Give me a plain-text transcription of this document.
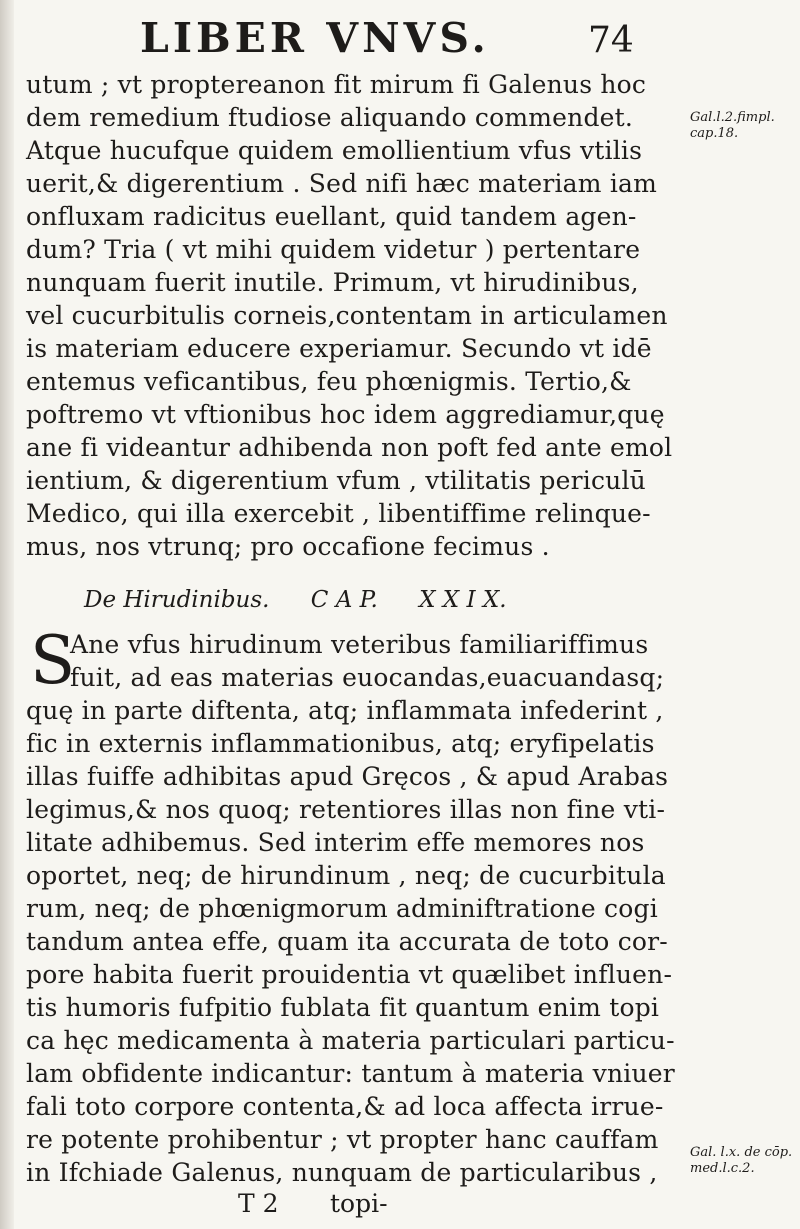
LIBER VNVS.	74
utum ; vt proptereanon fit mirum fi Galenus hoc
dem remedium ftudiose aliquando commendet.
Atque hucufque quidem emollientium vfus vtilis
uerit,& digerentium . Sed nifi hæc materiam iam
onfluxam radicitus euellant, quid tandem agen-
dum? Tria ( vt mihi quidem videtur ) pertentare
nunquam fuerit inutile. Primum, vt hirudinibus,
vel cucurbitulis corneis,contentam in articulamen
is materiam educere experiamur. Secundo vt idē
entemus veficantibus, feu phœnigmis. Tertio,&
poftremo vt vftionibus hoc idem aggrediamur,quę
ane fi videantur adhibenda non poft fed ante emol
ientium, & digerentium vfum , vtilitatis periculū
Medico, qui illa exercebit , libentiffime relinque-
mus, nos vtrunq; pro occafione fecimus .
De Hirudinibus. C A P. X X I X.
S
Ane vfus hirudinum veteribus familiariffimus
fuit, ad eas materias euocandas,euacuandasq;
quę in parte diftenta, atq; inflammata infederint ,
fic in externis inflammationibus, atq; eryfipelatis
illas fuiffe adhibitas apud Gręcos , & apud Arabas
legimus,& nos quoq; retentiores illas non fine vti-
litate adhibemus. Sed interim effe memores nos
oportet, neq; de hirundinum , neq; de cucurbitula
rum, neq; de phœnigmorum adminiftratione cogi
tandum antea effe, quam ita accurata de toto cor-
pore habita fuerit prouidentia vt quælibet influen-
tis humoris fufpitio fublata fit quantum enim topi
ca hęc medicamenta à materia particulari particu-
lam obfidente indicantur: tantum à materia vniuer
fali toto corpore contenta,& ad loca affecta irrue-
re potente prohibentur ; vt propter hanc cauffam
in Ifchiade Galenus, nunquam de particularibus ,
Gal.l.2.fimpl.
cap.18.
Gal. l.x. de cōp.
med.l.c.2.
T 2 topi-
